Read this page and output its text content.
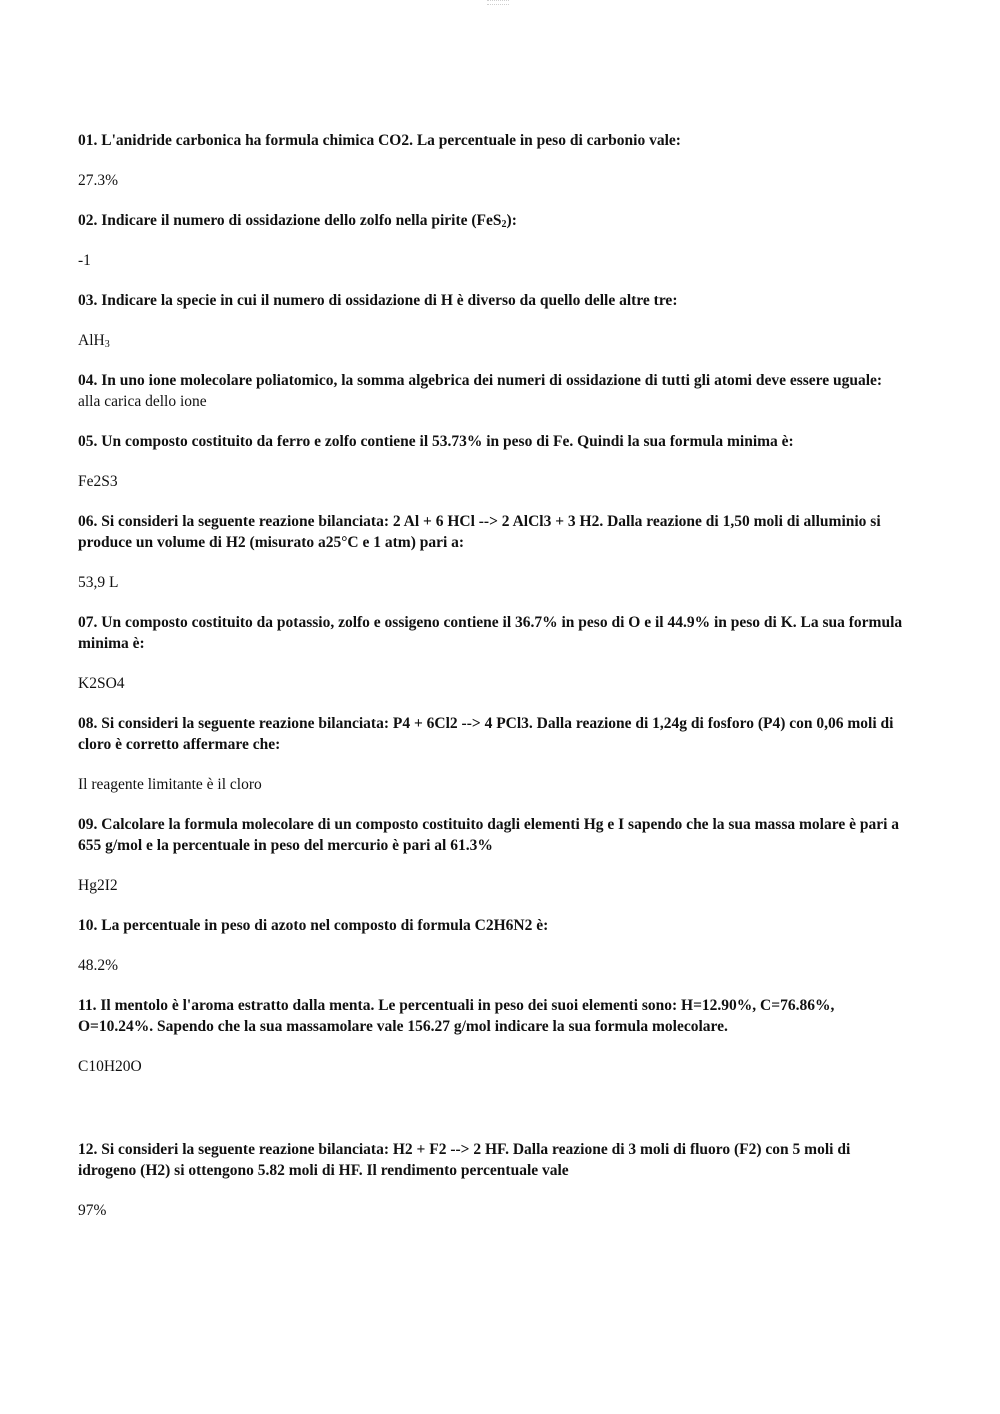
01. L'anidride carbonica ha formula chimica CO2. La percentuale in peso di carbonio vale:

27.3%

02. Indicare il numero di ossidazione dello zolfo nella pirite (FeS$_2$):

-1

03. Indicare la specie in cui il numero di ossidazione di H è diverso da quello delle altre tre:

AlH$_3$

04. In uno ione molecolare poliatomico, la somma algebrica dei numeri di ossidazione di tutti gli atomi deve essere uguale:

alla carica dello ione

05. Un composto costituito da ferro e zolfo contiene il 53.73% in peso di Fe. Quindi la sua formula minima è:

Fe2S3

06. Si consideri la seguente reazione bilanciata: 2 Al + 6 HCl --> 2 AlCl3 + 3 H2. Dalla reazione di 1,50 moli di alluminio si produce un volume di H2 (misurato a25°C e 1 atm) pari a:

53,9 L

07. Un composto costituito da potassio, zolfo e ossigeno contiene il 36.7% in peso di O e il 44.9% in peso di K. La sua formula minima è:

K2SO4

08. Si consideri la seguente reazione bilanciata: P4 + 6Cl2 --> 4 PCl3. Dalla reazione di 1,24g di fosforo (P4) con 0,06 moli di cloro è corretto affermare che:

Il reagente limitante è il cloro

09. Calcolare la formula molecolare di un composto costituito dagli elementi Hg e I sapendo che la sua massa molare è pari a 655 g/mol e la percentuale in peso del mercurio è pari al 61.3%

Hg2I2

10. La percentuale in peso di azoto nel composto di formula C2H6N2 è:

48.2%

11. Il mentolo è l'aroma estratto dalla menta. Le percentuali in peso dei suoi elementi sono: H=12.90%, C=76.86%, O=10.24%. Sapendo che la sua massamolare vale 156.27 g/mol indicare la sua formula molecolare.

C10H20O

12. Si consideri la seguente reazione bilanciata: H2 + F2 --> 2 HF. Dalla reazione di 3 moli di fluoro (F2) con 5 moli di idrogeno (H2) si ottengono 5.82 moli di HF. Il rendimento percentuale vale

97%
